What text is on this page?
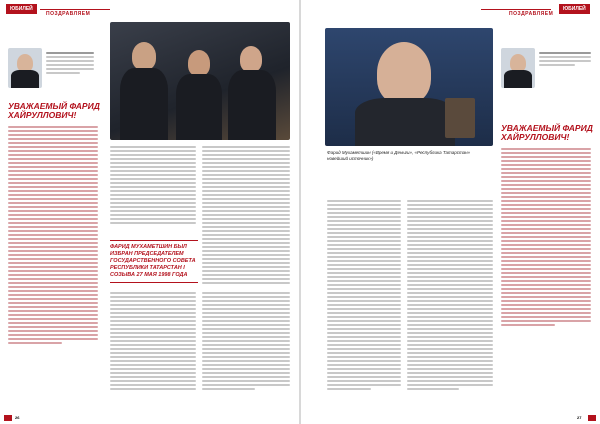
ЮБИЛЕЙ
ПОЗДРАВЛЯЕМ
УВАЖАЕМЫЙ ФАРИД ХАЙРУЛЛОВИЧ!
ФАРИД МУХАМЕТШИН БЫЛ ИЗБРАН ПРЕДСЕДАТЕЛЕМ ГОСУДАРСТВЕННОГО СОВЕТА РЕСПУБЛИКИ ТАТАРСТАН I СОЗЫВА 27 МАЯ 1998 ГОДА
26
ЮБИЛЕЙ
ПОЗДРАВЛЯЕМ
Фарид Мухаметшин («Время и Деньги», «Республика Татарстан» новейший источник»)
УВАЖАЕМЫЙ ФАРИД ХАЙРУЛЛОВИЧ!
27
